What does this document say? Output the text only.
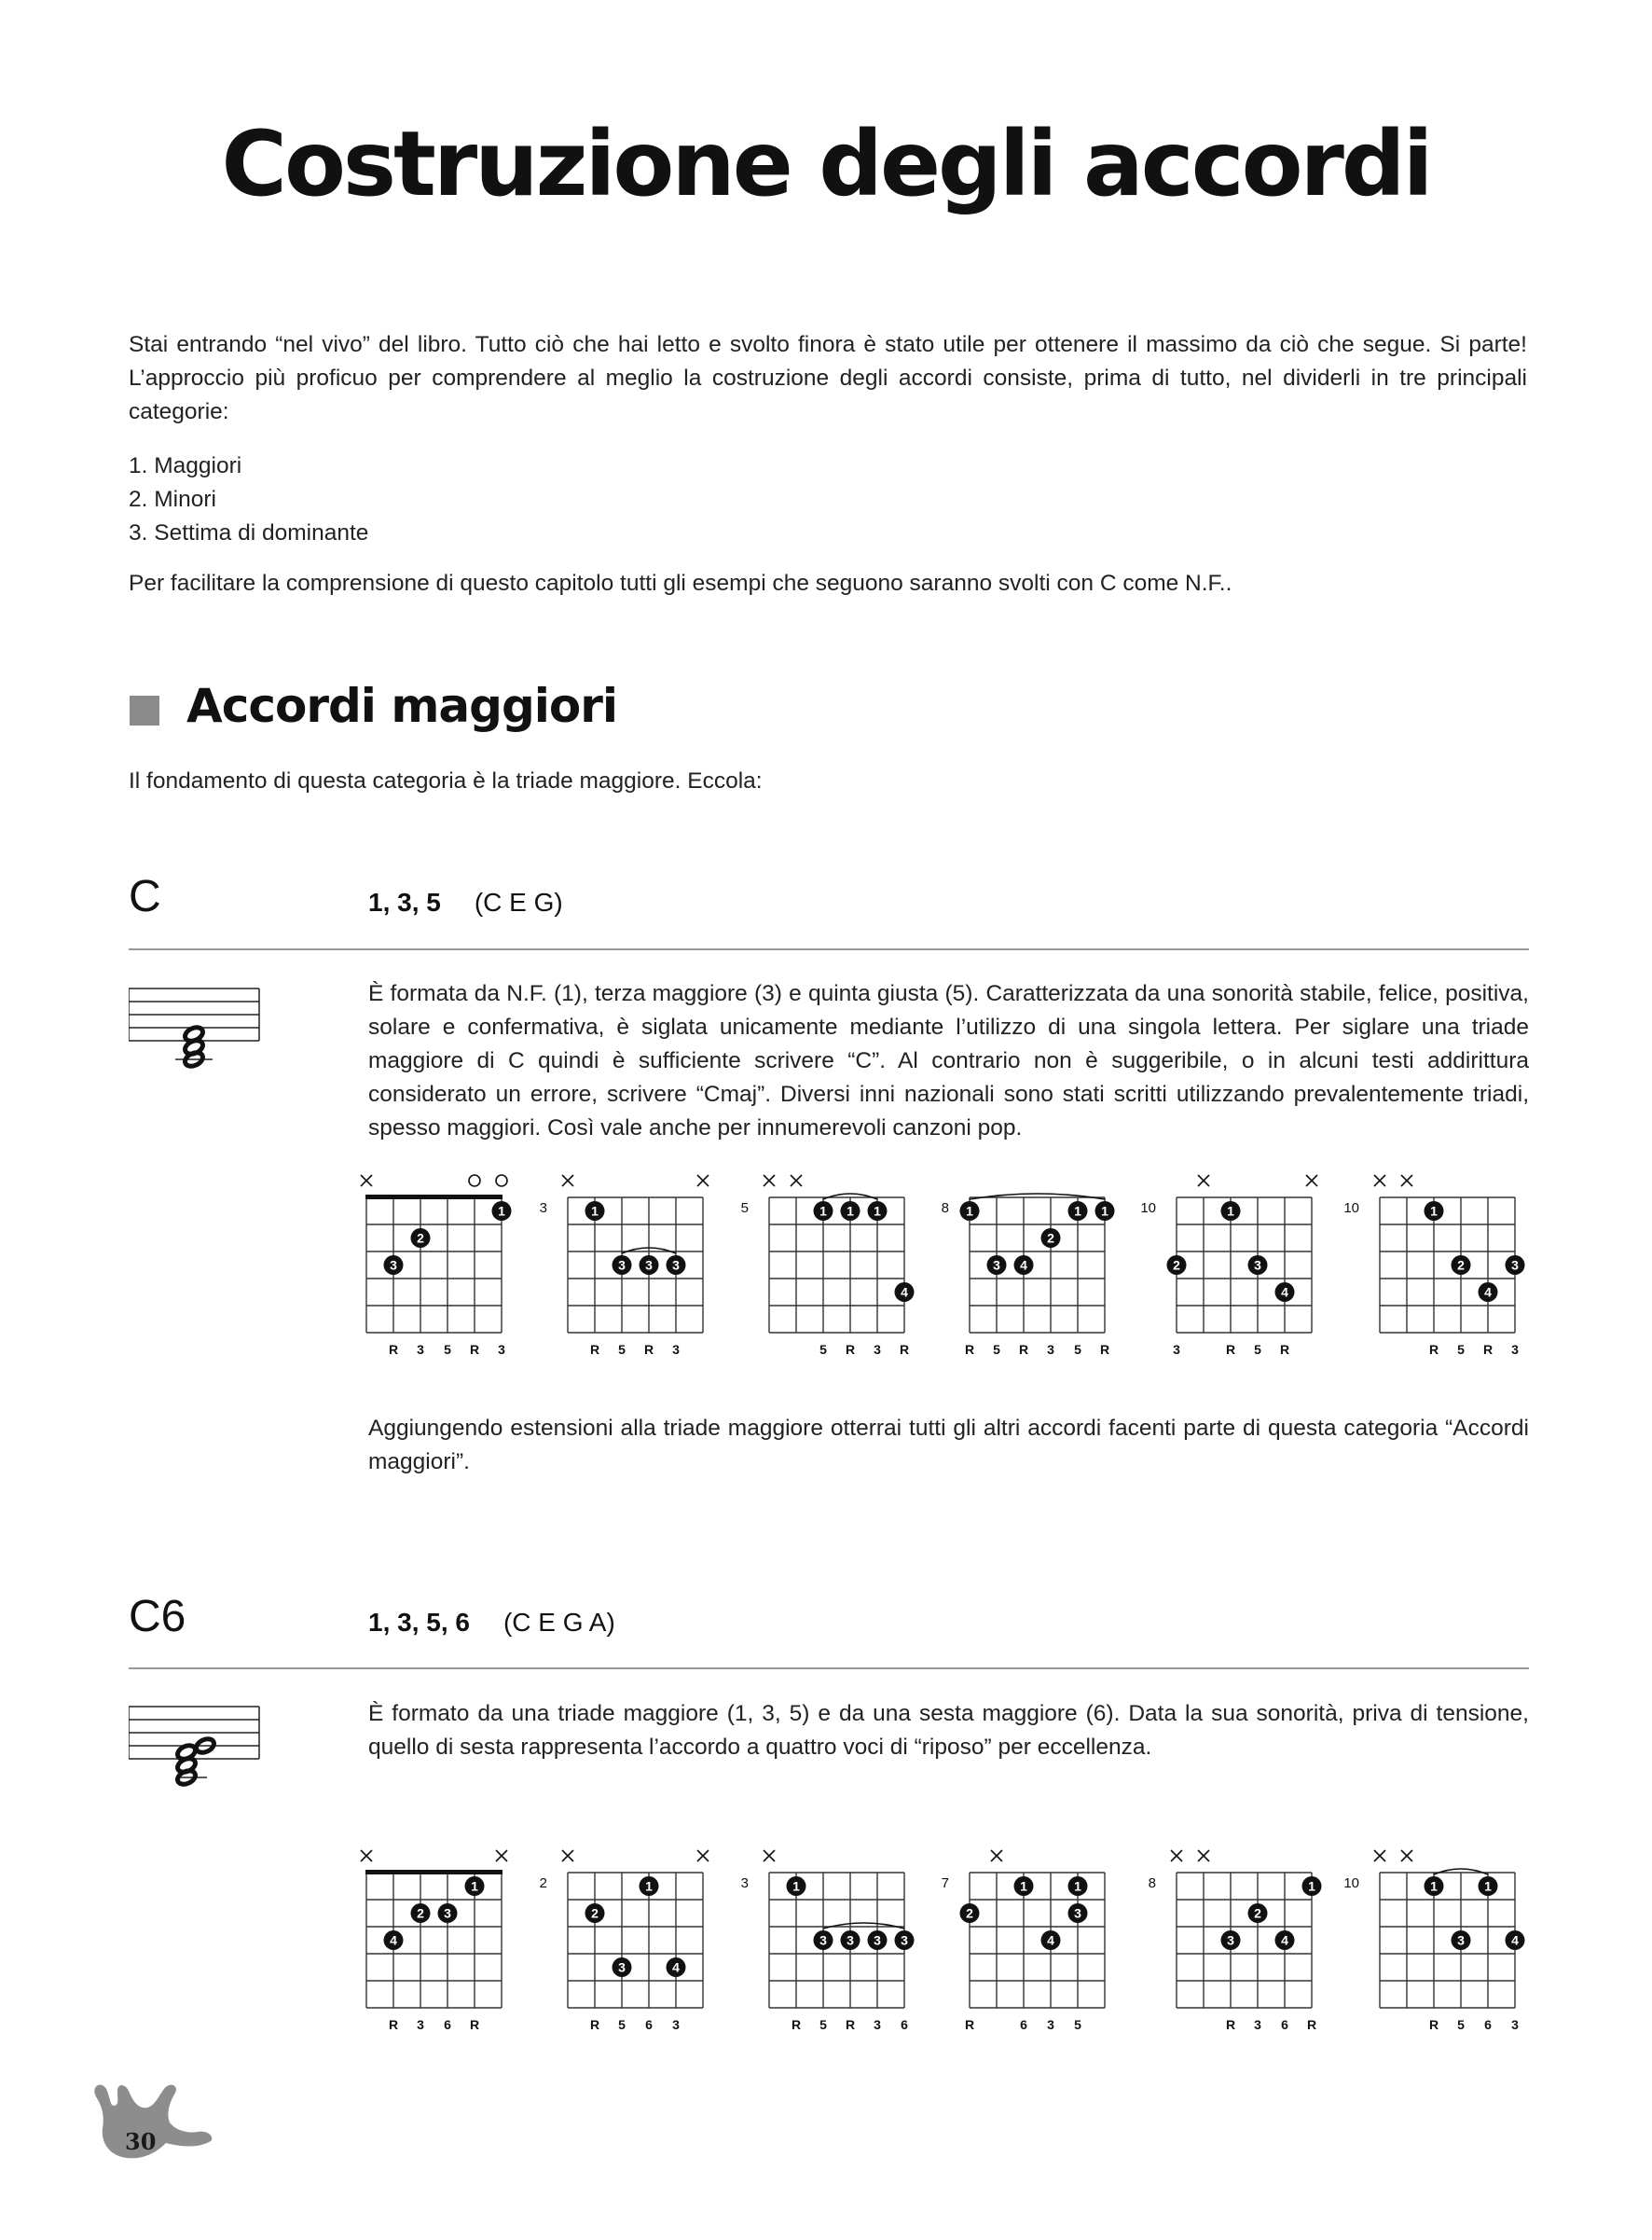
Costruzione degli accordi
Stai entrando “nel vivo” del libro. Tutto ciò che hai letto e svolto finora è stato utile per ottenere il massimo da ciò che segue. Si parte! L’approccio più proficuo per comprendere al meglio la costruzione degli accordi consiste, prima di tutto, nel dividerli in tre principali categorie:
1. Maggiori
2. Minori
3. Settima di dominante
Per facilitare la comprensione di questo capitolo tutti gli esempi che seguono saranno svolti con C come N.F..
Accordi maggiori
Il fondamento di questa categoria è la triade maggiore. Eccola:
C	1, 3, 5 (C E G)
È formata da N.F. (1), terza maggiore (3) e quinta giusta (5). Caratterizzata da una sonorità stabile, felice, positiva, solare e confermativa, è siglata unicamente mediante l’utilizzo di una singola lettera. Per siglare una triade maggiore di C quindi è sufficiente scrivere “C”. Al contrario non è suggeribile, o in alcuni testi addirittura considerato un errore, scrivere “Cmaj”. Diversi inni nazionali sono stati scritti utilizzando prevalentemente triadi, spesso maggiori. Così vale anche per innumerevoli canzoni pop.
1
2
3
R 3 5 R 3
3	1
3 3 3
R 5 R 3
5	1 1 1
4
5 R 3 R
8 1	1 1
2
3 4
R 5 R 3 5 R
10	1
2	3
4
3	R 5 R
10	1
2	3
4
R 5 R 3
Aggiungendo estensioni alla triade maggiore otterrai tutti gli altri accordi facenti parte di questa categoria “Accordi maggiori”.
C6	1, 3, 5, 6 (C E G A)
È formato da una triade maggiore (1, 3, 5) e da una sesta maggiore (6). Data la sua sonorità, priva di tensione, quello di sesta rappresenta l’accordo a quattro voci di “riposo” per eccellenza.
1
2 3
4
R 3 6 R
2	1
2
3	4
R 5 6 3
3	1
3 3 3 3
R 5 R 3 6
7	1	1
2	3
4
R	6 3 5
8	1
2
3	4
R 3 6 R
10	1	1
3	4
R 5 6 3
30
